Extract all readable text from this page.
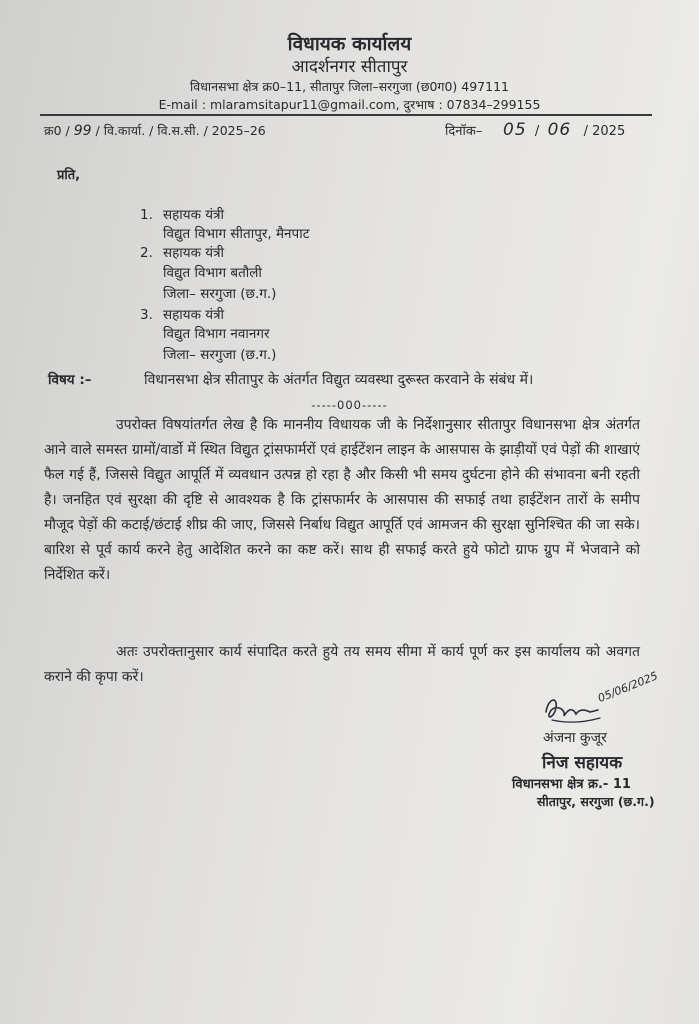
विधायक कार्यालय
आदर्शनगर सीतापुर
विधानसभा क्षेत्र क्र0–11, सीतापुर जिला–सरगुजा (छ0ग0) 497111
E-mail : mlaramsitapur11@gmail.com, दुरभाष : 07834–299155
क्र0 / 99 / वि.कार्या. / वि.स.सी. / 2025–26	दिनॉक– 05  /  06 / 2025
प्रति,
1. सहायक यंत्री
विद्युत विभाग सीतापुर, मैनपाट
2. सहायक यंत्री
विद्युत विभाग बतौली
जिला– सरगुजा (छ.ग.)
3. सहायक यंत्री
विद्युत विभाग नवानगर
जिला– सरगुजा (छ.ग.)
विषय :–	विधानसभा क्षेत्र सीतापुर के अंतर्गत विद्युत व्यवस्था दुरूस्त करवाने के संबंध में।
-----000-----
उपरोक्त विषयांतर्गत लेख है कि माननीय विधायक जी के निर्देशानुसार सीतापुर विधानसभा क्षेत्र अंतर्गत आने वाले समस्त ग्रामों/वार्डो में स्थित विद्युत ट्रांसफार्मरों एवं हाईटेंशन लाइन के आसपास के झाड़ीयों एवं पेड़ों की शाखाएं फैल गई हैं, जिससे विद्युत आपूर्ति में व्यवधान उत्पन्न हो रहा है और किसी भी समय दुर्घटना होने की संभावना बनी रहती है। जनहित एवं सुरक्षा की दृष्टि से आवश्यक है कि ट्रांसफार्मर के आसपास की सफाई तथा हाईटेंशन तारों के समीप मौजूद पेड़ों की कटाई/छंटाई शीघ्र की जाए, जिससे निर्बाध विद्युत आपूर्ति एवं आमजन की सुरक्षा सुनिश्चित की जा सके। बारिश से पूर्व कार्य करने हेतु आदेशित करने का कष्ट करें। साथ ही सफाई करते हुये फोटो ग्राफ ग्रुप में भेजवाने को निर्देशित करें।
अतः उपरोक्तानुसार कार्य संपादित करते हुये तय समय सीमा में कार्य पूर्ण कर इस कार्यालय को अवगत कराने की कृपा करें।	05/06/2025
अंजना कुजूर
निज सहायक
विधानसभा क्षेत्र क्र.- 11
सीतापुर, सरगुजा (छ.ग.)
